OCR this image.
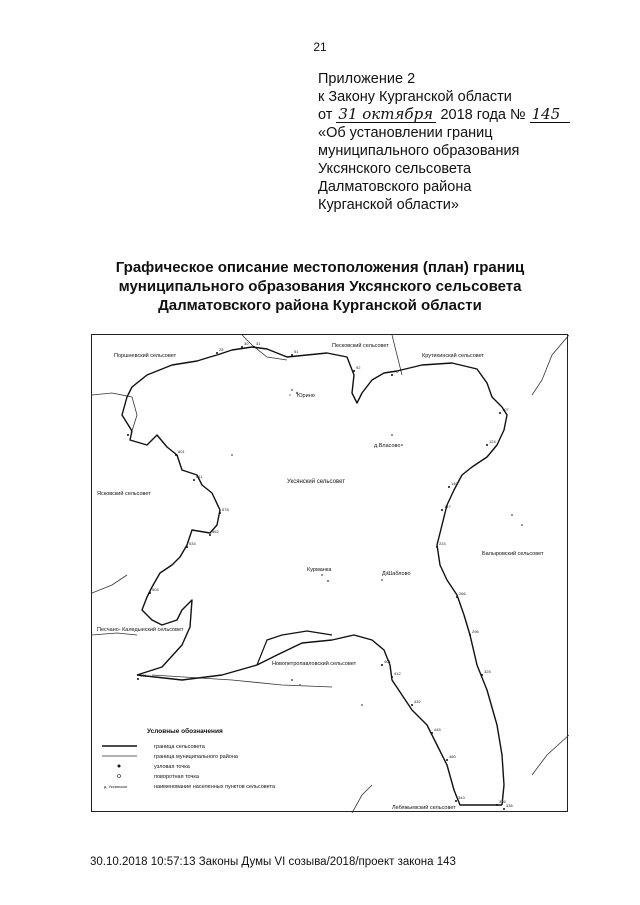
21
Приложение 2
к Закону Курганской области
от 31 октября 2018 года № 145
«Об установлении границ
муниципального образования
Уксянского сельсовета
Далматовского района
Курганской области»
Графическое описание местоположения (план) границ
муниципального образования Уксянского сельсовета
Далматовского района Курганской области
Поршневский сельсовет
Песковский сельсовет
Крутихинский сельсовет
Уксянский сельсовет
Ясковский сельсовет
Песчано- Каледынский сельсовет
Новопетропавловский сельсовет
Балыровский сельсовет
Лебяжьевский сельсовет
Юрино
д.Власово
Курманка
Д.Шаблово
25
1
76
107
504
471
343
336
30 31
51
92
124
140
147
224
266
296
325
336
401
412
432
445
460
601
611
578
562
534
Условные обозначения
граница сельсовета
граница муниципального района
узловая точка
поворотная точка
д. Уксянское	наименование населенных пунктов сельсовета
30.10.2018 10:57:13 Законы Думы VI созыва/2018/проект закона 143
